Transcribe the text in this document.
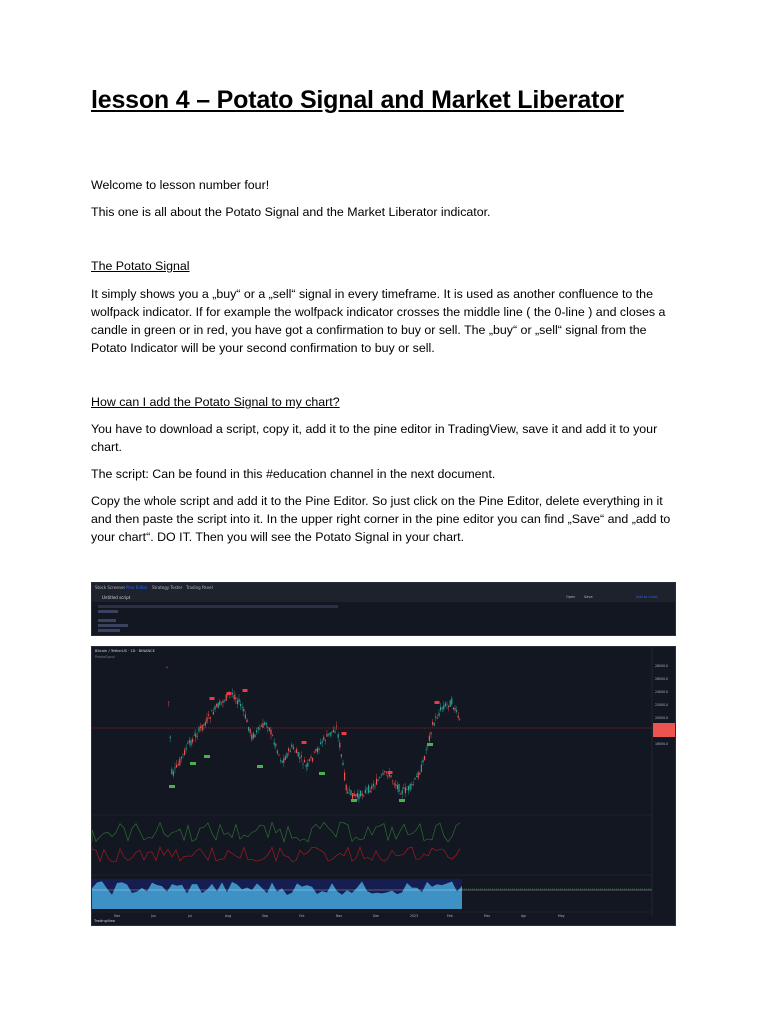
lesson 4 – Potato Signal and Market Liberator
Welcome to lesson number four!
This one is all about the Potato Signal and the Market Liberator indicator.
The Potato Signal
It simply shows you a „buy“ or a „sell“ signal in every timeframe. It is used as another confluence to the wolfpack indicator. If for example the wolfpack indicator crosses the middle line ( the 0-line ) and closes a candle in green or in red, you have got a confirmation to buy or sell. The „buy“ or „sell“ signal from the Potato Indicator will be your second confirmation to buy or sell.
How can I add the Potato Signal to my chart?
You have to download a script, copy it, add it to the pine editor in TradingView, save it and add it to your chart.
The script: Can be found in this #education channel in the next document.
Copy the whole script and add it to the Pine Editor. So just click on the Pine Editor, delete everything in it and then paste the script into it. In the upper right corner in the pine editor you can find „Save“ and „add to your chart“. DO IT. Then you will see the Potato Signal in your chart.
Stock Screener Pine Editor Strategy Tester Trading Panel
Untitled script	Open Save	Add to chart
28000.0
26000.0
24000.0
22000.0
20000.0
16000.0
Mar	Jun	Jul	Aug	Sep	Oct	Nov	Dec	2023	Feb	Mar	Apr	May
Bitcoin / TetherUS · 1D · BINANCE
PotatoSignal
TradingView
